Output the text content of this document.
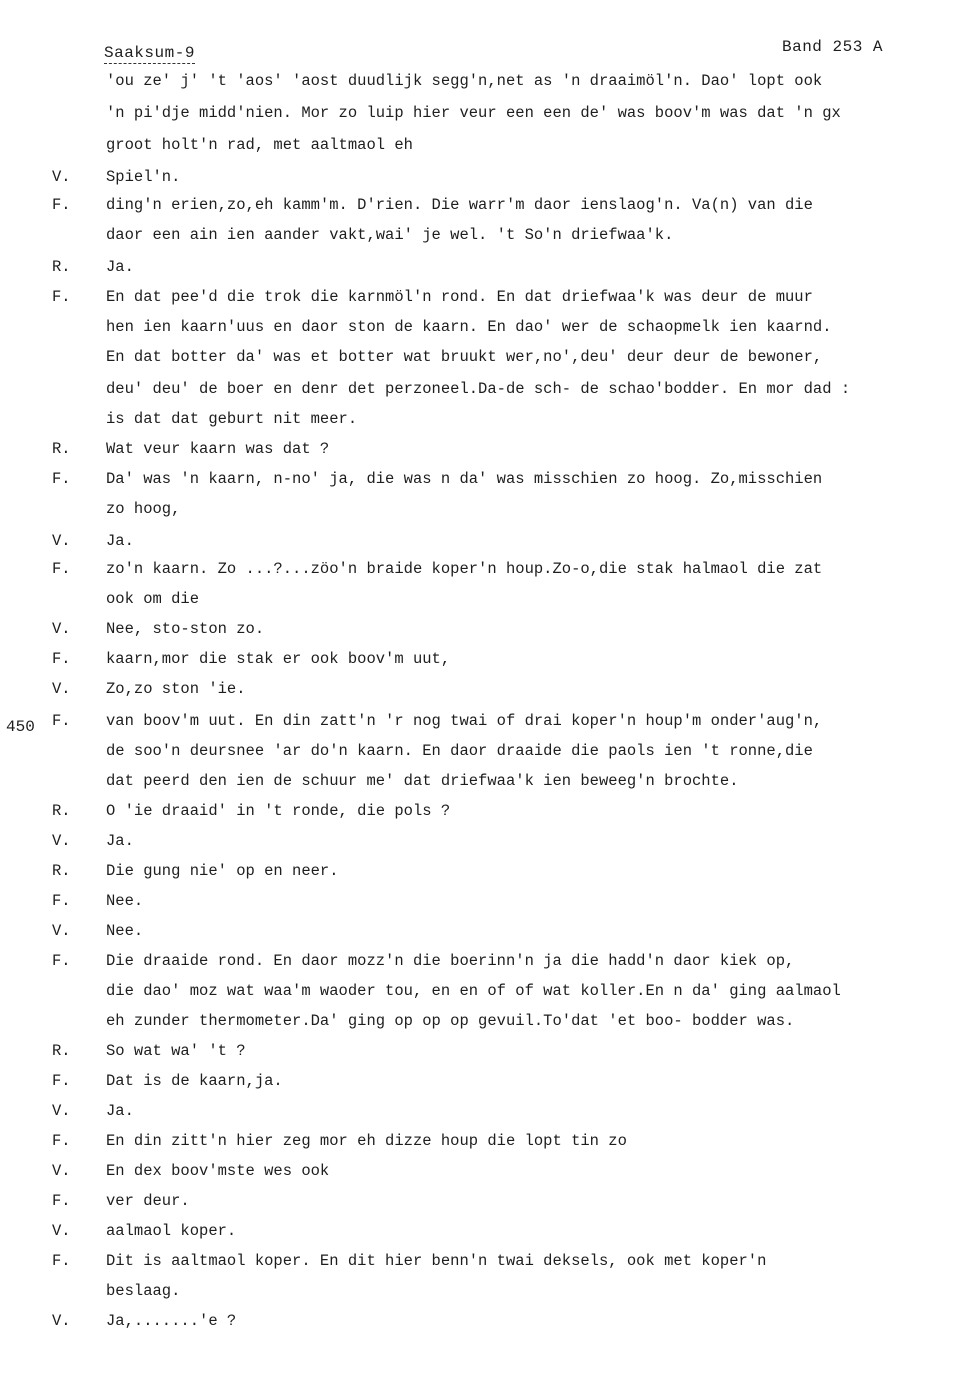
Saaksum-9	Band 253 A
450
'ou ze' j' 't 'aos' 'aost duudlijk segg'n,net as 'n draaimöl'n. Dao' lopt ook
'n pi'dje midd'nien. Mor zo luip hier veur een een de' was boov'm was dat 'n gx
groot holt'n rad, met aaltmaol eh
V. Spiel'n.
F. ding'n erien,zo,eh kamm'm. D'rien. Die warr'm daor ienslaog'n. Va(n) van die
daor een ain ien aander vakt,wai' je wel. 't So'n driefwaa'k.
R. Ja.
F. En dat pee'd die trok die karnmöl'n rond. En dat driefwaa'k was deur de muur
hen ien kaarn'uus en daor ston de kaarn. En dao' wer de schaopmelk ien kaarnd.
En dat botter da' was et botter wat bruukt wer,no',deu' deur deur de bewoner,
deu' deu' de boer en denr det perzoneel.Da-de sch- de schao'bodder. En mor dad :
is dat dat geburt nit meer.
R. Wat veur kaarn was dat ?
F. Da' was 'n kaarn, n-no' ja, die was n da' was misschien zo hoog. Zo,misschien
zo hoog,
V. Ja.
F. zo'n kaarn. Zo ...?...zöo'n braide koper'n houp.Zo-o,die stak halmaol die zat
ook om die
V. Nee, sto-ston zo.
F. kaarn,mor die stak er ook boov'm uut,
V. Zo,zo ston 'ie.
F. van boov'm uut. En din zatt'n 'r nog twai of drai koper'n houp'm onder'aug'n,
de soo'n deursnee 'ar do'n kaarn. En daor draaide die paols ien 't ronne,die
dat peerd den ien de schuur me' dat driefwaa'k ien beweeg'n brochte.
R. O 'ie draaid' in 't ronde, die pols ?
V. Ja.
R. Die gung nie' op en neer.
F. Nee.
V. Nee.
F. Die draaide rond. En daor mozz'n die boerinn'n ja die hadd'n daor kiek op,
die dao' moz wat waa'm waoder tou, en en of of wat koller.En n da' ging aalmaol
eh zunder thermometer.Da' ging op op op gevuil.To'dat 'et boo- bodder was.
R. So wat wa' 't ?
F. Dat is de kaarn,ja.
V. Ja.
F. En din zitt'n hier zeg mor eh dizze houp die lopt tin zo
V. En dex boov'mste wes ook
F. ver deur.
V. aalmaol koper.
F. Dit is aaltmaol koper. En dit hier benn'n twai deksels, ook met koper'n
beslaag.
V. Ja,.......'e ?
